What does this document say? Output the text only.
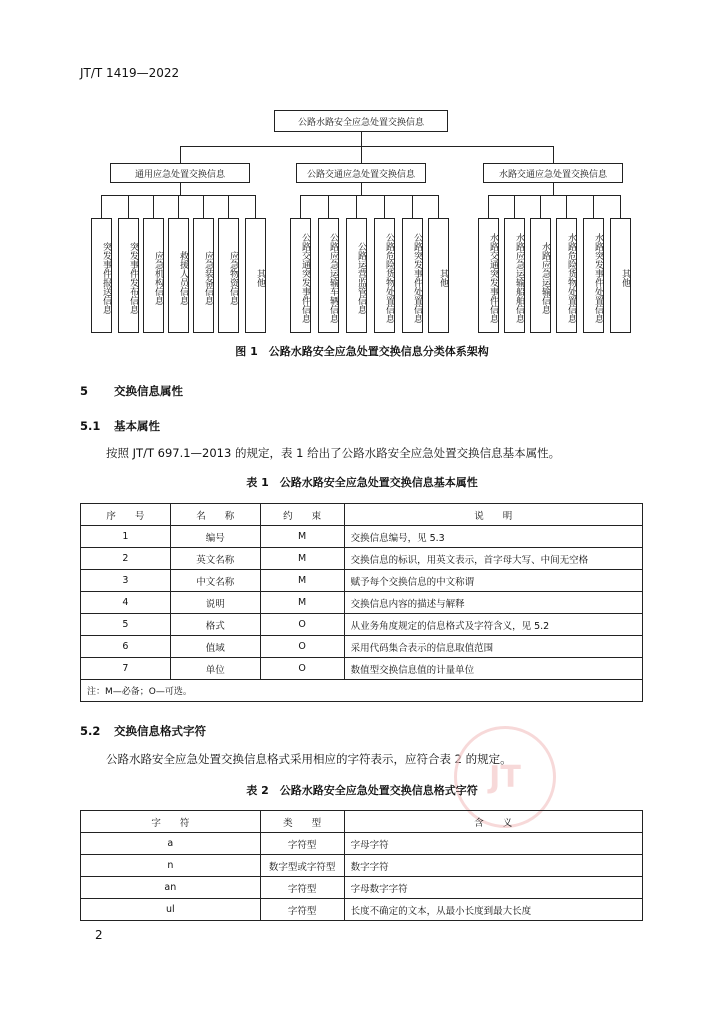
JT/T 1419—2022
公路水路安全应急处置交换信息
通用应急处置交换信息	公路交通应急处置交换信息	水路交通应急处置交换信息
突发事件报送信息	突发事件发布信息	应急机构信息	救援人员信息	应急装备信息	应急物资信息	其他	公路交通突发事件信息	公路应急运输车辆信息	公路运营监管信息	公路危险货物处置信息	公路突发事件处置信息	其他	水路交通突发事件信息	水路应急运输船舶信息	水路应急运输信息	水路危险货物处置信息	水路突发事件处置信息	其他
图 1　公路水路安全应急处置交换信息分类体系架构
5 交换信息属性
5.1 基本属性
按照 JT/T 697.1—2013 的规定，表 1 给出了公路水路安全应急处置交换信息基本属性。
表 1　公路水路安全应急处置交换信息基本属性
序　　号	名　　称	约　　束	说　　明
1	编号	M	交换信息编号，见 5.3
2	英文名称	M	交换信息的标识，用英文表示，首字母大写、中间无空格
3	中文名称	M	赋予每个交换信息的中文称谓
4	说明	M	交换信息内容的描述与解释
5	格式	O	从业务角度规定的信息格式及字符含义，见 5.2
6	值域	O	采用代码集合表示的信息取值范围
7	单位	O	数值型交换信息值的计量单位
注：M—必备；O—可选。			
5.2 交换信息格式字符
公路水路安全应急处置交换信息格式采用相应的字符表示，应符合表 2 的规定。
JT
表 2　公路水路安全应急处置交换信息格式字符
字　　符	类　　型	含　　义
a	字符型	字母字符
n	数字型或字符型	数字字符
an	字符型	字母数字字符
ul	字符型	长度不确定的文本，从最小长度到最大长度
2
